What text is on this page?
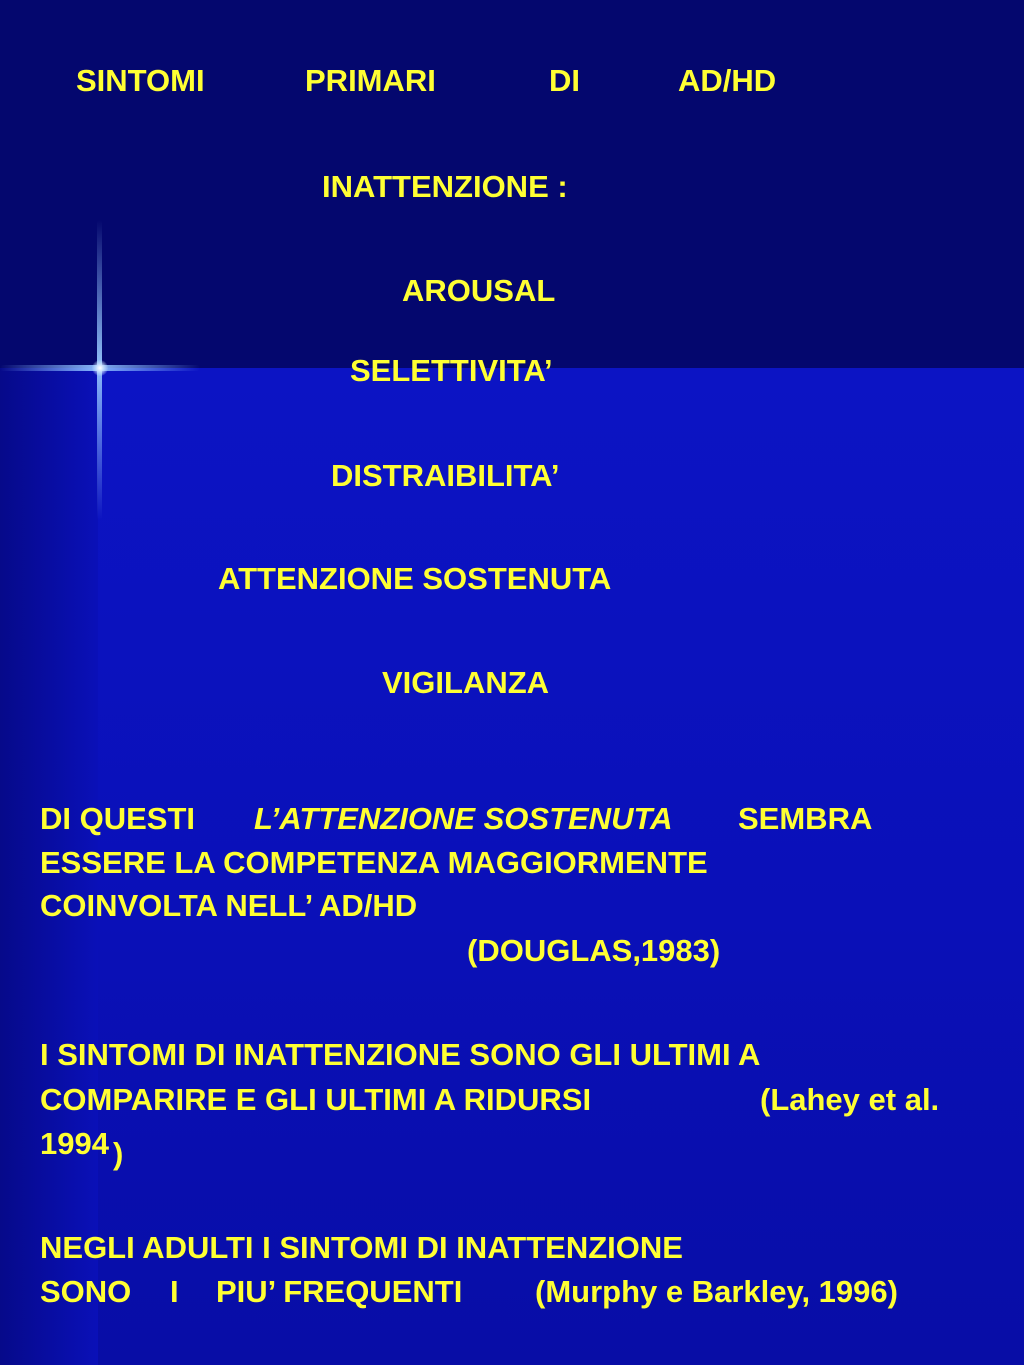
SINTOMI	PRIMARI	DI	AD/HD
INATTENZIONE :
AROUSAL
SELETTIVITA’
DISTRAIBILITA’
ATTENZIONE SOSTENUTA
VIGILANZA
DI QUESTI L’ATTENZIONE SOSTENUTA SEMBRA
ESSERE LA COMPETENZA MAGGIORMENTE
COINVOLTA NELL’ AD/HD
(DOUGLAS,1983)
I SINTOMI DI INATTENZIONE SONO GLI ULTIMI A
COMPARIRE E GLI ULTIMI A RIDURSI	(Lahey et al.
1994 )
NEGLI ADULTI I SINTOMI DI INATTENZIONE
SONO I PIU’ FREQUENTI (Murphy e Barkley, 1996)
